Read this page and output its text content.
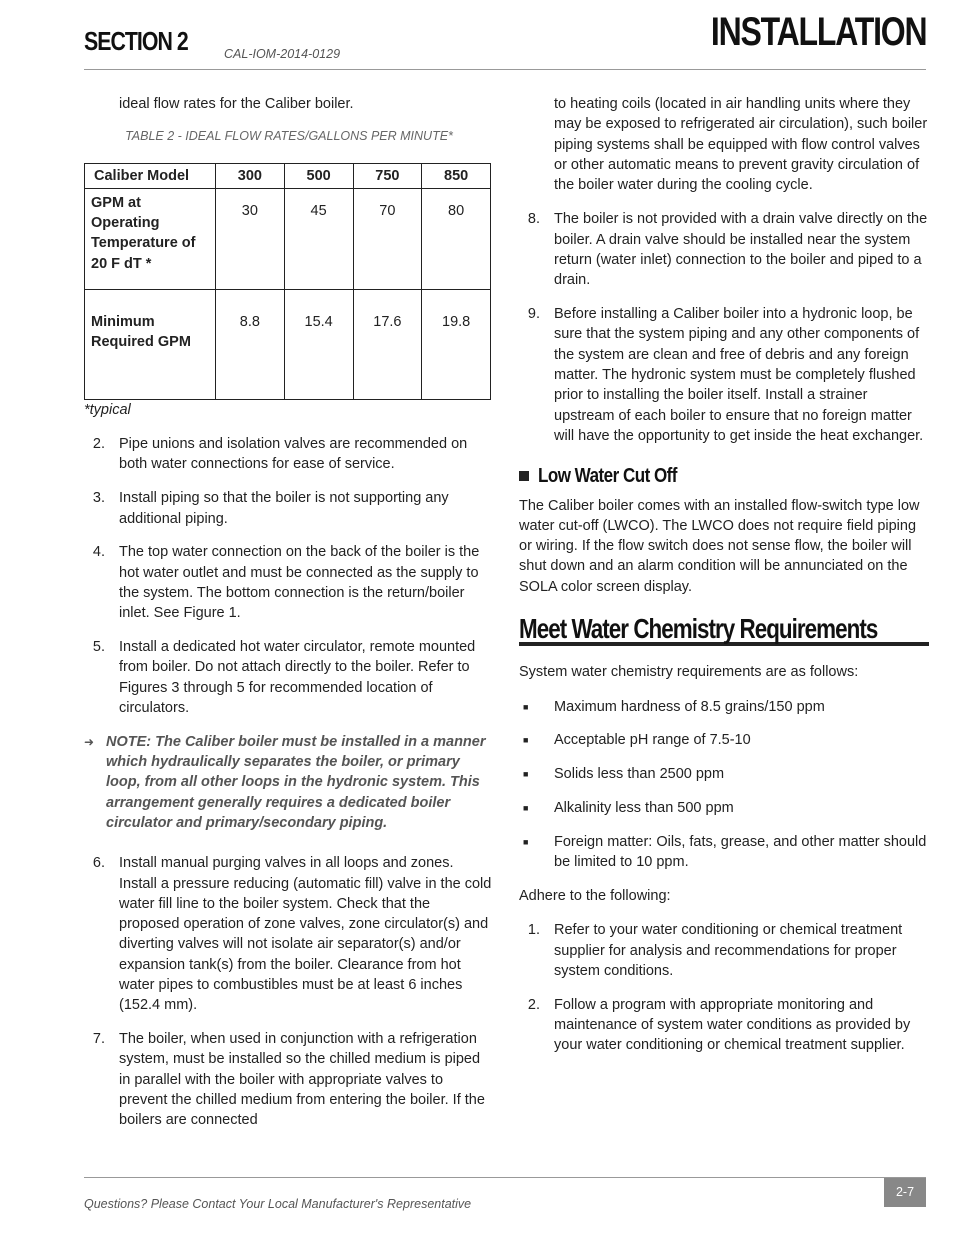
SECTION 2	CAL-IOM-2014-0129	INSTALLATION

ideal flow rates for the Caliber boiler.

TABLE 2 - IDEAL FLOW RATES/GALLONS PER MINUTE*
Caliber Model	300	500	750	850
GPM at Operating Temperature of 20 F dT *	30	45	70	80
Minimum Required GPM	8.8	15.4	17.6	19.8
*typical
2. Pipe unions and isolation valves are recommended on both water connections for ease of service.
3. Install piping so that the boiler is not supporting any additional piping.
4. The top water connection on the back of the boiler is the hot water outlet and must be connected as the supply to the system. The bottom connection is the return/boiler inlet. See Figure 1.
5. Install a dedicated hot water circulator, remote mounted from boiler. Do not attach directly to the boiler. Refer to Figures 3 through 5 for recommended location of circulators.
➜ NOTE: The Caliber boiler must be installed in a manner which hydraulically separates the boiler, or primary loop, from all other loops in the hydronic system. This arrangement generally requires a dedicated boiler circulator and primary/secondary piping.
6. Install manual purging valves in all loops and zones. Install a pressure reducing (automatic fill) valve in the cold water fill line to the boiler system. Check that the proposed operation of zone valves, zone circulator(s) and diverting valves will not isolate air separator(s) and/or expansion tank(s) from the boiler. Clearance from hot water pipes to combustibles must be at least 6 inches (152.4 mm).
7. The boiler, when used in conjunction with a refrigeration system, must be installed so the chilled medium is piped in parallel with the boiler with appropriate valves to prevent the chilled medium from entering the boiler. If the boilers are connected

to heating coils (located in air handling units where they may be exposed to refrigerated air circulation), such boiler piping systems shall be equipped with flow control valves or other automatic means to prevent gravity circulation of the boiler water during the cooling cycle.

8. The boiler is not provided with a drain valve directly on the boiler. A drain valve should be installed near the system return (water inlet) connection to the boiler and piped to a drain.
9. Before installing a Caliber boiler into a hydronic loop, be sure that the system piping and any other components of the system are clean and free of debris and any foreign matter. The hydronic system must be completely flushed prior to installing the boiler itself. Install a strainer upstream of each boiler to ensure that no foreign matter will have the opportunity to get inside the heat exchanger.
Low Water Cut Off

The Caliber boiler comes with an installed flow-switch type low water cut-off (LWCO). The LWCO does not require field piping or wiring. If the flow switch does not sense flow, the boiler will shut down and an alarm condition will be annunciated on the SOLA color screen display.

Meet Water Chemistry Requirements

System water chemistry requirements are as follows:

■	Maximum hardness of 8.5 grains/150 ppm
■	Acceptable pH range of 7.5-10
■	Solids less than 2500 ppm
■	Alkalinity less than 500 ppm
■	Foreign matter: Oils, fats, grease, and other matter should be limited to 10 ppm.

Adhere to the following:

1. Refer to your water conditioning or chemical treatment supplier for analysis and recommendations for proper system conditions.
2. Follow a program with appropriate monitoring and maintenance of system water conditions as provided by your water conditioning or chemical treatment supplier.
Questions? Please Contact Your Local Manufacturer's Representative
2-7
